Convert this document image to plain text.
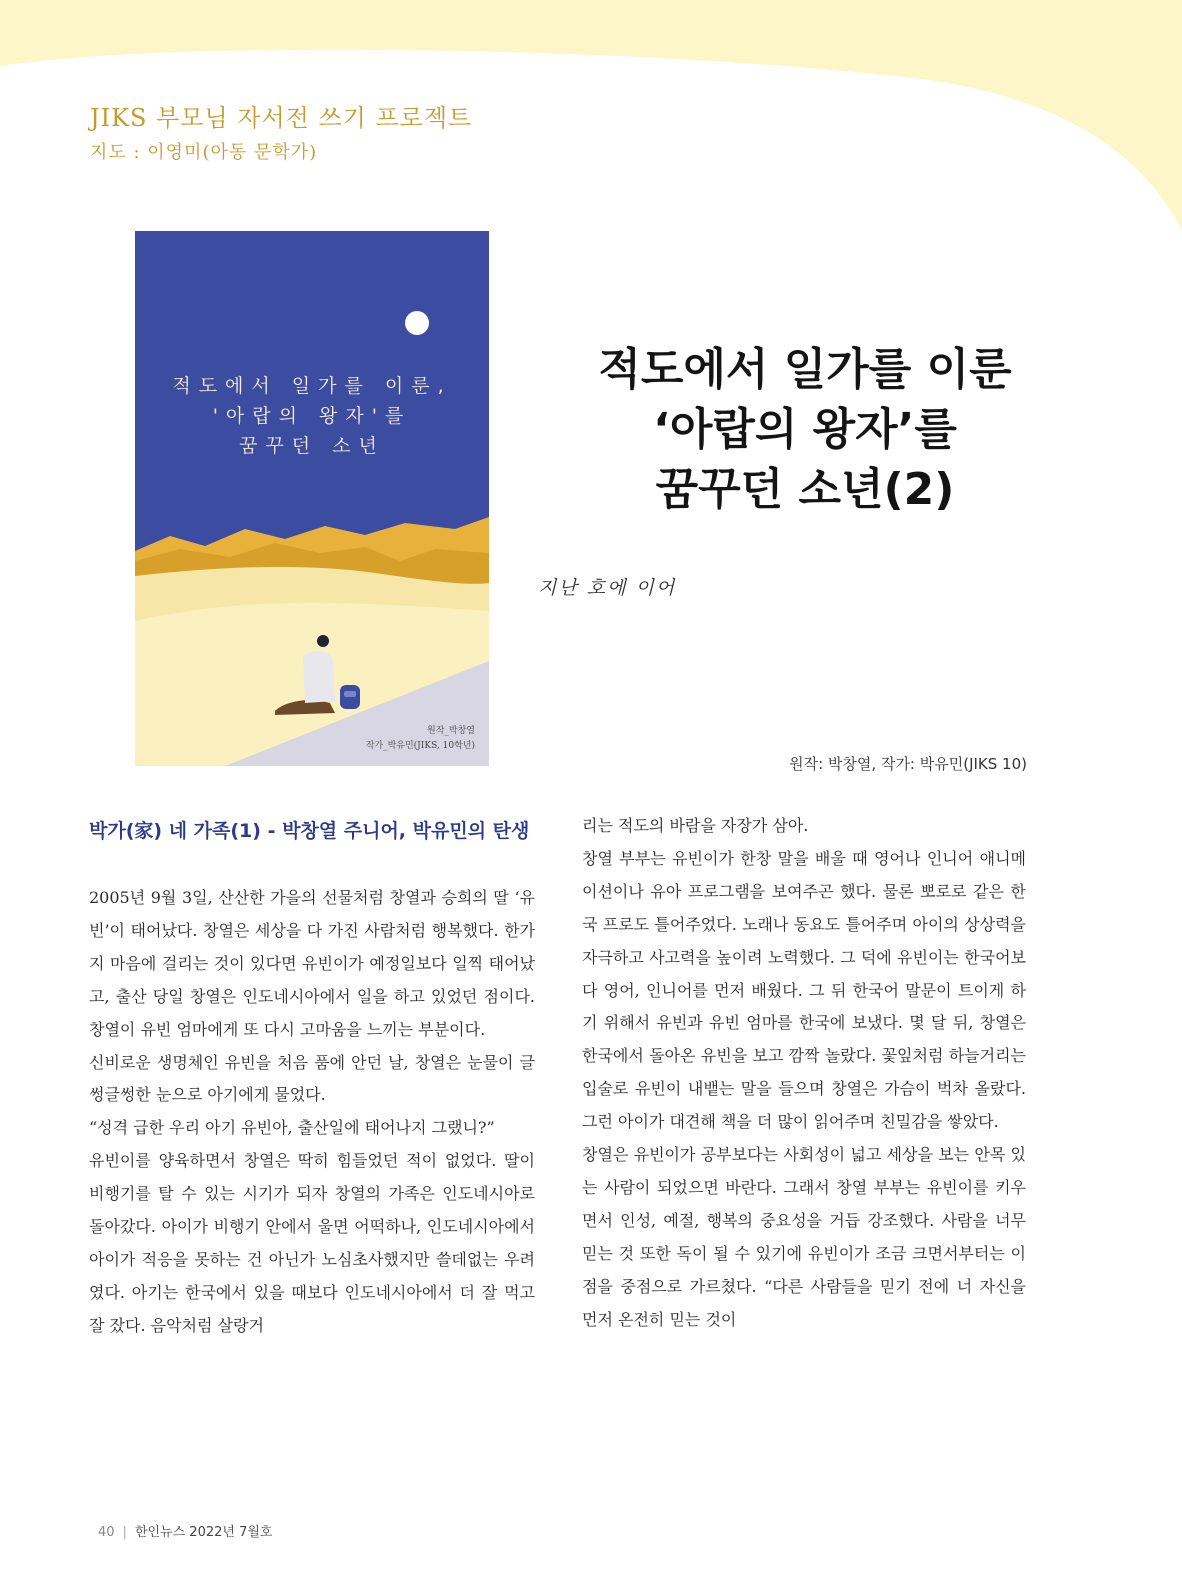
JIKS 부모님 자서전 쓰기 프로젝트
지도 : 이영미(아동 문학가)
적도에서 일가를 이룬,
'아랍의 왕자'를
꿈꾸던 소년
원작_박창열
작가_박유민(JIKS, 10학년)
적도에서 일가를 이룬
‘아랍의 왕자’를
꿈꾸던 소년(2)
지난 호에 이어
원작: 박창열, 작가: 박유민(JIKS 10)
박가(家) 네 가족(1) - 박창열 주니어, 박유민의 탄생

2005년 9월 3일, 산산한 가을의 선물처럼 창열과 승희의 딸 ‘유빈’이 태어났다. 창열은 세상을 다 가진 사람처럼 행복했다. 한가지 마음에 걸리는 것이 있다면 유빈이가 예정일보다 일찍 태어났고, 출산 당일 창열은 인도네시아에서 일을 하고 있었던 점이다. 창열이 유빈 엄마에게 또 다시 고마움을 느끼는 부분이다.

신비로운 생명체인 유빈을 처음 품에 안던 날, 창열은 눈물이 글썽글썽한 눈으로 아기에게 물었다.

“성격 급한 우리 아기 유빈아, 출산일에 태어나지 그랬니?”

유빈이를 양육하면서 창열은 딱히 힘들었던 적이 없었다. 딸이 비행기를 탈 수 있는 시기가 되자 창열의 가족은 인도네시아로 돌아갔다. 아이가 비행기 안에서 울면 어떡하나, 인도네시아에서 아이가 적응을 못하는 건 아닌가 노심초사했지만 쓸데없는 우려였다. 아기는 한국에서 있을 때보다 인도네시아에서 더 잘 먹고 잘 잤다. 음악처럼 살랑거

리는 적도의 바람을 자장가 삼아.

창열 부부는 유빈이가 한창 말을 배울 때 영어나 인니어 애니메이션이나 유아 프로그램을 보여주곤 했다. 물론 뽀로로 같은 한국 프로도 틀어주었다. 노래나 동요도 틀어주며 아이의 상상력을 자극하고 사고력을 높이려 노력했다. 그 덕에 유빈이는 한국어보다 영어, 인니어를 먼저 배웠다. 그 뒤 한국어 말문이 트이게 하기 위해서 유빈과 유빈 엄마를 한국에 보냈다. 몇 달 뒤, 창열은 한국에서 돌아온 유빈을 보고 깜짝 놀랐다. 꽃잎처럼 하늘거리는 입술로 유빈이 내뱉는 말을 들으며 창열은 가슴이 벅차 올랐다. 그런 아이가 대견해 책을 더 많이 읽어주며 친밀감을 쌓았다.

창열은 유빈이가 공부보다는 사회성이 넓고 세상을 보는 안목 있는 사람이 되었으면 바란다. 그래서 창열 부부는 유빈이를 키우면서 인성, 예절, 행복의 중요성을 거듭 강조했다. 사람을 너무 믿는 것 또한 독이 될 수 있기에 유빈이가 조금 크면서부터는 이 점을 중점으로 가르쳤다. “다른 사람들을 믿기 전에 너 자신을 먼저 온전히 믿는 것이

40 | 한인뉴스 2022년 7월호
